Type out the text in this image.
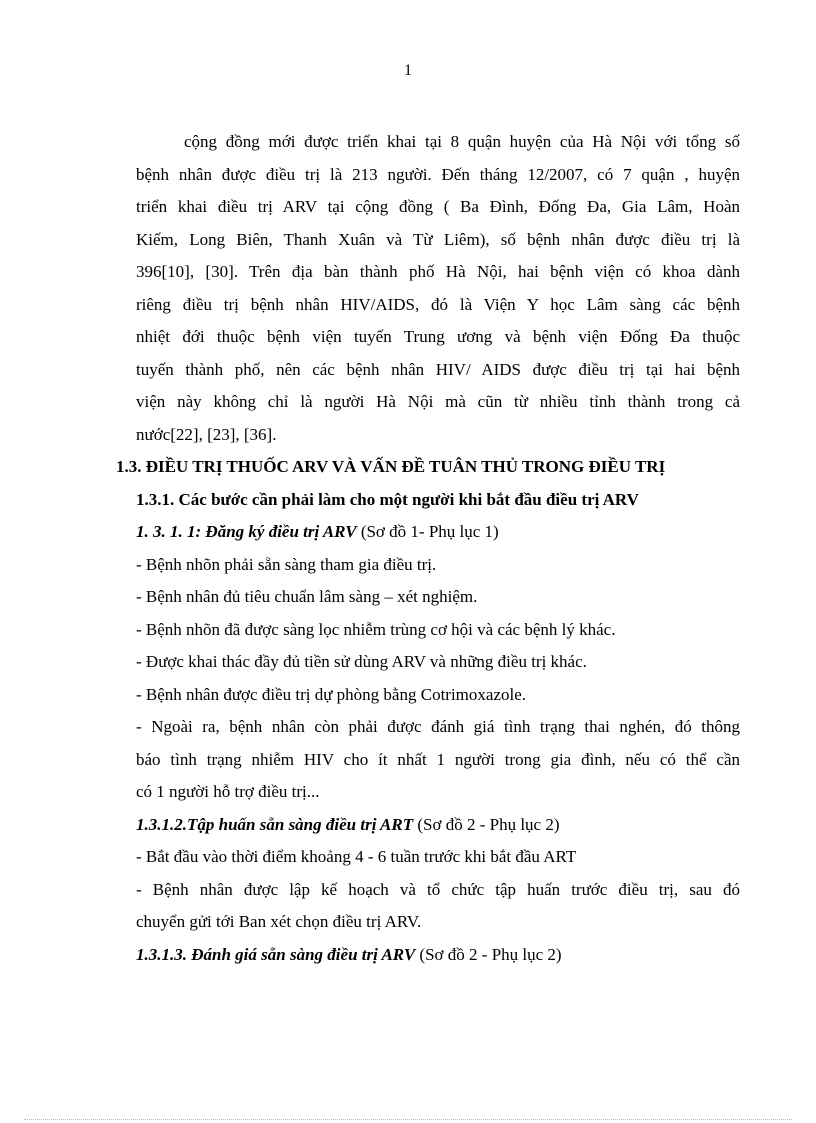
1

cộng đồng mới được triển khai tại 8 quận huyện của Hà Nội với tổng số

bệnh nhân được điều trị là 213 người. Đến tháng 12/2007, có 7 quận , huyện

triển khai điều trị ARV tại cộng đồng ( Ba Đình, Đống Đa, Gia Lâm, Hoàn

Kiếm, Long Biên, Thanh Xuân và Từ Liêm), số bệnh nhân được điều trị là

396[10], [30]. Trên địa bàn thành phố Hà Nội, hai bệnh viện có khoa dành

riêng điều trị bệnh nhân HIV/AIDS, đó là Viện Y học Lâm sàng các bệnh

nhiệt đới thuộc bệnh viện tuyến Trung ương và bệnh viện Đống Đa thuộc

tuyến thành phố, nên các bệnh nhân HIV/ AIDS được điều trị tại hai bệnh

viện này không chỉ là người Hà Nội mà cũn từ nhiều tỉnh thành trong cả

nước[22], [23], [36].

1.3. ĐIỀU TRỊ THUỐC ARV VÀ VẤN ĐỀ TUÂN THỦ TRONG ĐIỀU TRỊ

1.3.1. Các bước cần phải làm cho một người khi bắt đầu điều trị ARV

1. 3. 1. 1: Đăng ký điều trị ARV (Sơ đồ 1- Phụ lục 1)

- Bệnh nhõn phải sẵn sàng tham gia điều trị.

- Bệnh nhân đủ tiêu chuẩn lâm sàng – xét nghiệm.

- Bệnh nhõn đã được sàng lọc nhiễm trùng cơ hội và các bệnh lý khác.

- Được khai thác đầy đủ tiền sử dùng ARV và những điều trị khác.

- Bệnh nhân được điều trị dự phòng bằng Cotrimoxazole.

- Ngoài ra, bệnh nhân còn phải được đánh giá tình trạng thai nghén, đó thông

báo tình trạng nhiễm HIV cho ít nhất 1 người trong gia đình, nếu có thể cần

có 1 người hỗ trợ điều trị...

1.3.1.2.Tập huấn sẵn sàng điều trị ART (Sơ đồ 2 - Phụ lục 2)

- Bắt đầu vào thời điểm khoảng 4 - 6 tuần trước khi bắt đầu ART

- Bệnh nhân được lập kế hoạch và tổ chức tập huấn trước điều trị, sau đó

chuyển gửi tới Ban xét chọn điều trị ARV.

1.3.1.3. Đánh giá sẵn sàng điều trị ARV (Sơ đồ 2 - Phụ lục 2)
